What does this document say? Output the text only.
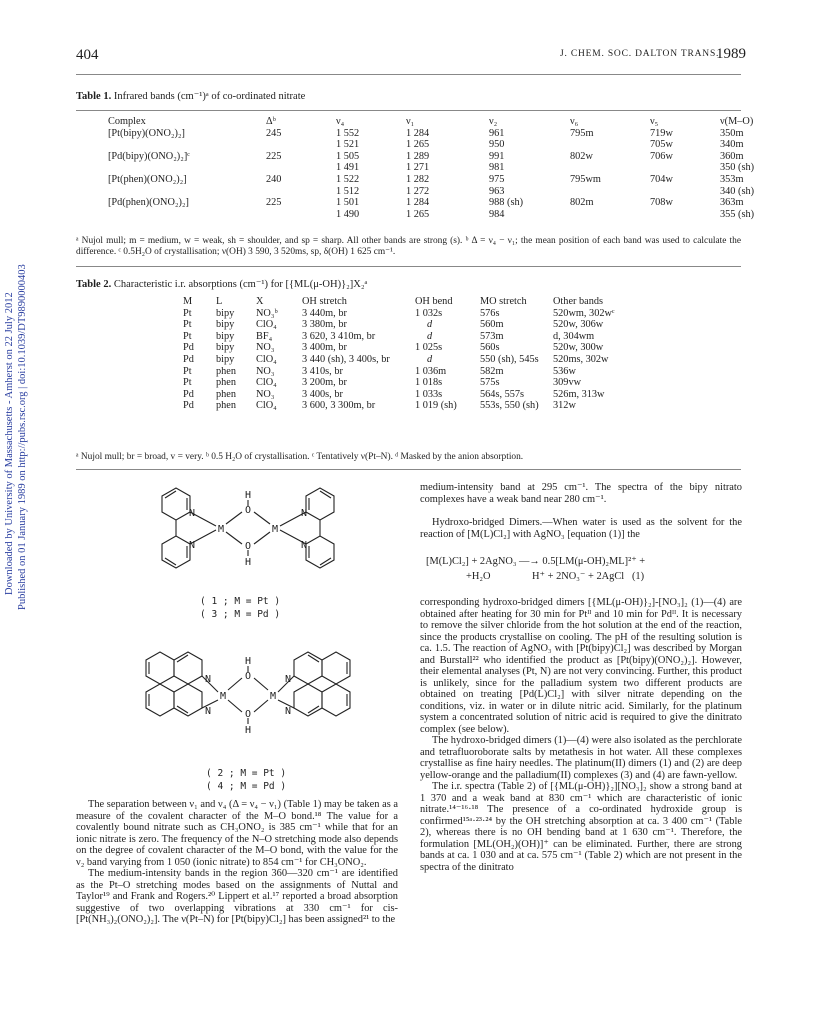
404	J. CHEM. SOC. DALTON TRANS.
1989
Downloaded by University of Massachusetts - Amherst on 22 July 2012 Published on 01 January 1989 on http://pubs.rsc.org | doi:10.1039/DT9890000403
Table 1. Infrared bands (cm⁻¹)ᵃ of co-ordinated nitrate
Complex	Δᵇ	ν₄	ν₁	ν₂	ν₆	ν₅	ν(M–O)
[Pt(bipy)(ONO₂)₂]	245	1 552	1 284	961	795m	719w	350m
		1 521	1 265	950		705w	340m
[Pd(bipy)(ONO₂)₂]ᶜ	225	1 505	1 289	991	802w	706w	360m
		1 491	1 271	981			350 (sh)
[Pt(phen)(ONO₂)₂]	240	1 522	1 282	975	795wm	704w	353m
		1 512	1 272	963			340 (sh)
[Pd(phen)(ONO₂)₂]	225	1 501	1 284	988 (sh)	802m	708w	363m
		1 490	1 265	984			355 (sh)
ᵃ Nujol mull; m = medium, w = weak, sh = shoulder, and sp = sharp. All other bands are strong (s). ᵇ Δ = ν₄ − ν₁; the mean position of each band was used to calculate the difference. ᶜ 0.5H₂O of crystallisation; ν(OH) 3 590, 3 520ms, sp, δ(OH) 1 625 cm⁻¹.
Table 2. Characteristic i.r. absorptions (cm⁻¹) for [{ML(μ-OH)}₂]X₂ᵃ
M	L	X	OH stretch	OH bend	MO stretch	Other bands
Pt	bipy	NO₃ᵇ	3 440m, br	1 032s	576s	520wm, 302wᶜ
Pt	bipy	ClO₄	3 380m, br	d	560m	520w, 306w
Pt	bipy	BF₄	3 620, 3 410m, br	d	573m	d, 304wm
Pd	bipy	NO₃	3 400m, br	1 025s	560s	520w, 300w
Pd	bipy	ClO₄	3 440 (sh), 3 400s, br	d	550 (sh), 545s	520ms, 302w
Pt	phen	NO₃	3 410s, br	1 036m	582m	536w
Pt	phen	ClO₄	3 200m, br	1 018s	575s	309vw
Pd	phen	NO₃	3 400s, br	1 033s	564s, 557s	526m, 313w
Pd	phen	ClO₄	3 600, 3 300m, br	1 019 (sh)	553s, 550 (sh)	312w
ᵃ Nujol mull; br = broad, v = very. ᵇ 0.5 H₂O of crystallisation. ᶜ Tentatively ν(Pt–N). ᵈ Masked by the anion absorption.
N
N
M
H
O
O
H
M
N
N
( 1 ; M = Pt )
( 3 ; M = Pd )
N
N
M
H
O
O
H
M
N
N
( 2 ; M = Pt )
( 4 ; M = Pd )

The separation between ν₁ and ν₄ (Δ = ν₄ − ν₁) (Table 1) may be taken as a measure of the covalent character of the M–O bond.¹⁸ The value for a covalently bound nitrate such as CH₃ONO₂ is 385 cm⁻¹ while that for an ionic nitrate is zero. The frequency of the N–O stretching mode also depends on the degree of covalent character of the M–O bond, with the value for the ν₂ band varying from 1 050 (ionic nitrate) to 854 cm⁻¹ for CH₃ONO₂.

The medium-intensity bands in the region 360—320 cm⁻¹ are identified as the Pt–O stretching modes based on the assignments of Nuttal and Taylor¹⁹ and Frank and Rogers.²⁰ Lippert et al.¹⁷ reported a broad absorption suggestive of two overlapping vibrations at 330 cm⁻¹ for cis-[Pt(NH₃)₂(ONO₂)₂]. The ν(Pt–N) for [Pt(bipy)Cl₂] has been assigned²¹ to the

medium-intensity band at 295 cm⁻¹. The spectra of the bipy nitrato complexes have a weak band near 280 cm⁻¹.

Hydroxo-bridged Dimers.—When water is used as the solvent for the reaction of [M(L)Cl₂] with AgNO₃ [equation (1)] the

[M(L)Cl₂] + 2AgNO₃ —→ 0.5[LM(μ-OH)₂ML]²⁺ +
+H₂O                H⁺ + 2NO₃⁻ + 2AgCl   (1)

corresponding hydroxo-bridged dimers [{ML(μ-OH)}₂]-[NO₃]₂ (1)—(4) are obtained after heating for 30 min for Ptᴵᴵ and 10 min for Pdᴵᴵ. It is necessary to remove the silver chloride from the hot solution at the end of the reaction, since the products crystallise on cooling. The pH of the resulting solution is ca. 1.5. The reaction of AgNO₃ with [Pt(bipy)Cl₂] was described by Morgan and Burstall²² who identified the product as [Pt(bipy)(ONO₂)₂]. However, their elemental analyses (Pt, N) are not very convincing. Further, this product is unlikely, since for the palladium system two different products are obtained on treating [Pd(L)Cl₂] with silver nitrate depending on the conditions, viz. in water or in dilute nitric acid. Similarly, for the platinum system a concentrated solution of nitric acid is required to give the dinitrato complex (see below).

The hydroxo-bridged dimers (1)—(4) were also isolated as the perchlorate and tetrafluoroborate salts by metathesis in hot water. All these complexes crystallise as fine hairy needles. The platinum(II) dimers (1) and (2) are deep yellow-orange and the palladium(II) complexes (3) and (4) are fawn-yellow.

The i.r. spectra (Table 2) of [{ML(μ-OH)}₂][NO₃]₂ show a strong band at 1 370 and a weak band at 830 cm⁻¹ which are characteristic of ionic nitrate.¹⁴⁻¹⁶·¹⁸ The presence of a co-ordinated hydroxide group is confirmed¹⁵ᵃ·²³·²⁴ by the OH stretching absorption at ca. 3 400 cm⁻¹ (Table 2), whereas there is no OH bending band at 1 630 cm⁻¹. Therefore, the formulation [ML(OH₂)(OH)]⁺ can be eliminated. Further, there are strong bands at ca. 1 030 and at ca. 575 cm⁻¹ (Table 2) which are not present in the spectra of the dinitrato
